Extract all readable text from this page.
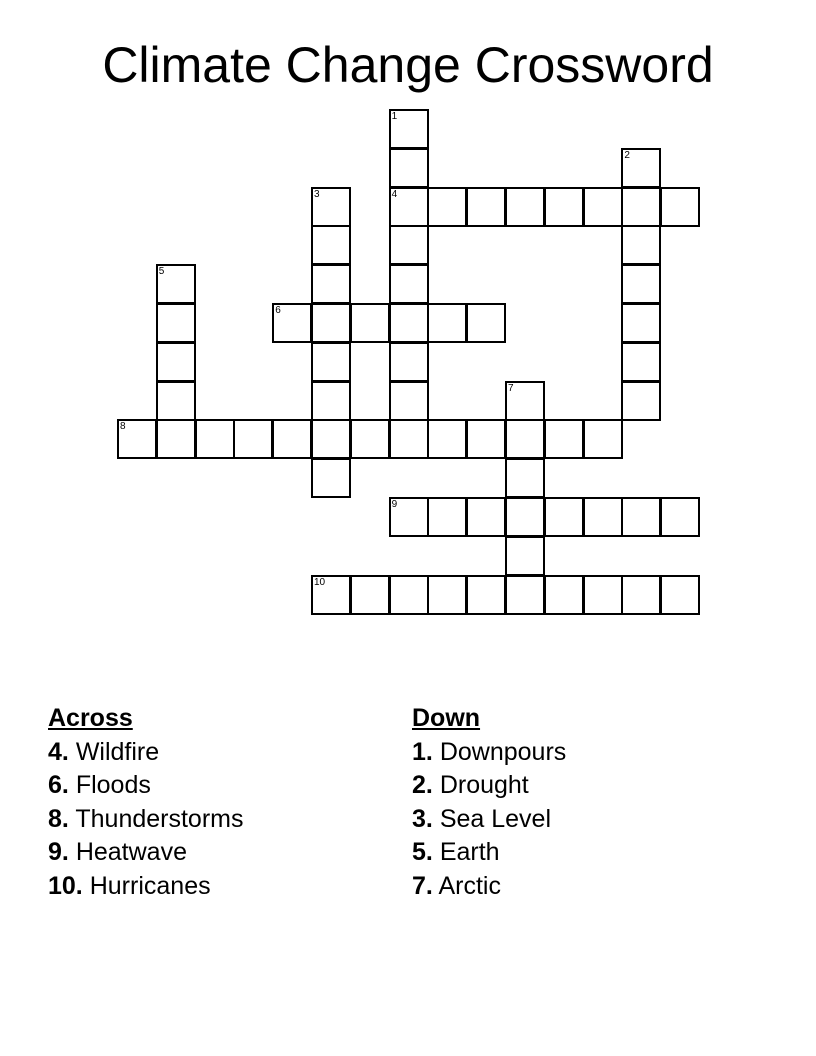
Climate Change Crossword
1
4
2
3
5
6
7
8
9
10
Across
4. Wildfire
6. Floods
8. Thunderstorms
9. Heatwave
10. Hurricanes
Down
1. Downpours
2. Drought
3. Sea Level
5. Earth
7. Arctic
